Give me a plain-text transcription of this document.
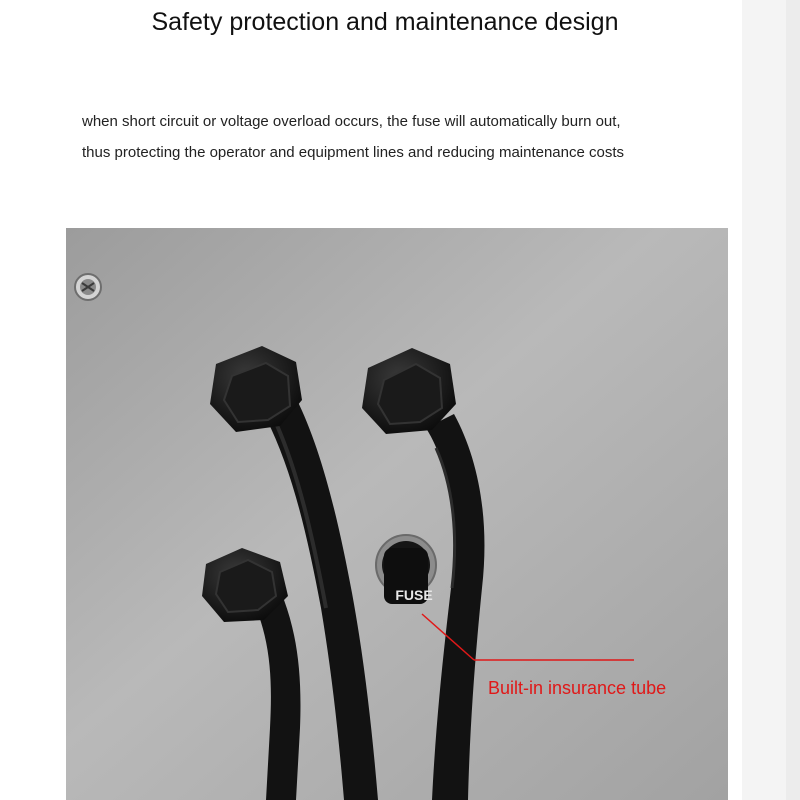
Safety protection and maintenance design
when short circuit or voltage overload occurs, the fuse will automatically burn out,
thus protecting the operator and equipment lines and reducing maintenance costs
FUSE
Built-in insurance tube
